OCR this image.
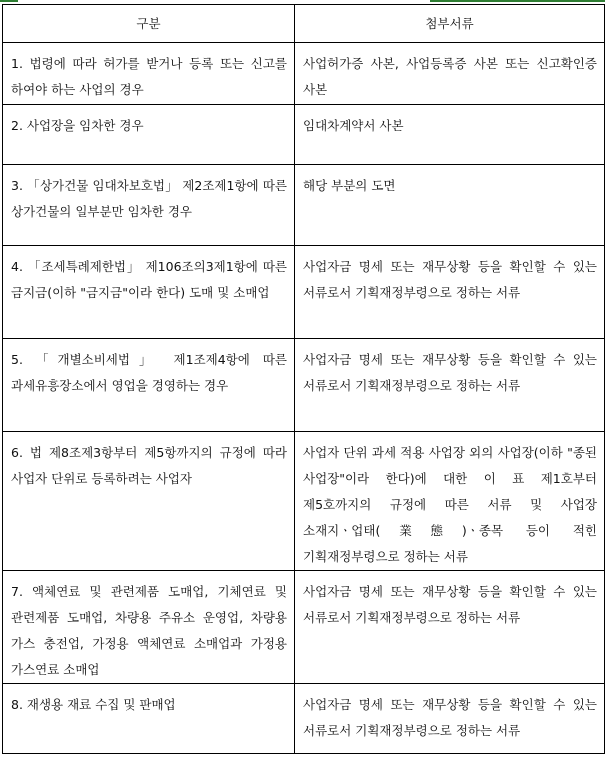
구분	첨부서류
1. 법령에 따라 허가를 받거나 등록 또는 신고를 하여야 하는 사업의 경우	사업허가증 사본, 사업등록증 사본 또는 신고확인증 사본
2. 사업장을 임차한 경우	임대차계약서 사본
3. 「상가건물 임대차보호법」 제2조제1항에 따른 상가건물의 일부분만 임차한 경우	해당 부분의 도면
4. 「조세특례제한법」 제106조의3제1항에 따른 금지금(이하 "금지금"이라 한다) 도매 및 소매업	사업자금 명세 또는 재무상황 등을 확인할 수 있는 서류로서 기획재정부령으로 정하는 서류
5. 「개별소비세법」 제1조제4항에 따른 과세유흥장소에서 영업을 경영하는 경우	사업자금 명세 또는 재무상황 등을 확인할 수 있는 서류로서 기획재정부령으로 정하는 서류
6. 법 제8조제3항부터 제5항까지의 규정에 따라 사업자 단위로 등록하려는 사업자	사업자 단위 과세 적용 사업장 외의 사업장(이하 "종된 사업장"이라 한다)에 대한 이 표 제1호부터 제5호까지의 규정에 따른 서류 및 사업장 소재지ㆍ업태(業態)ㆍ종목 등이 적힌 기획재정부령으로 정하는 서류
7. 액체연료 및 관련제품 도매업, 기체연료 및 관련제품 도매업, 차량용 주유소 운영업, 차량용 가스 충전업, 가정용 액체연료 소매업과 가정용 가스연료 소매업	사업자금 명세 또는 재무상황 등을 확인할 수 있는 서류로서 기획재정부령으로 정하는 서류
8. 재생용 재료 수집 및 판매업	사업자금 명세 또는 재무상황 등을 확인할 수 있는 서류로서 기획재정부령으로 정하는 서류
